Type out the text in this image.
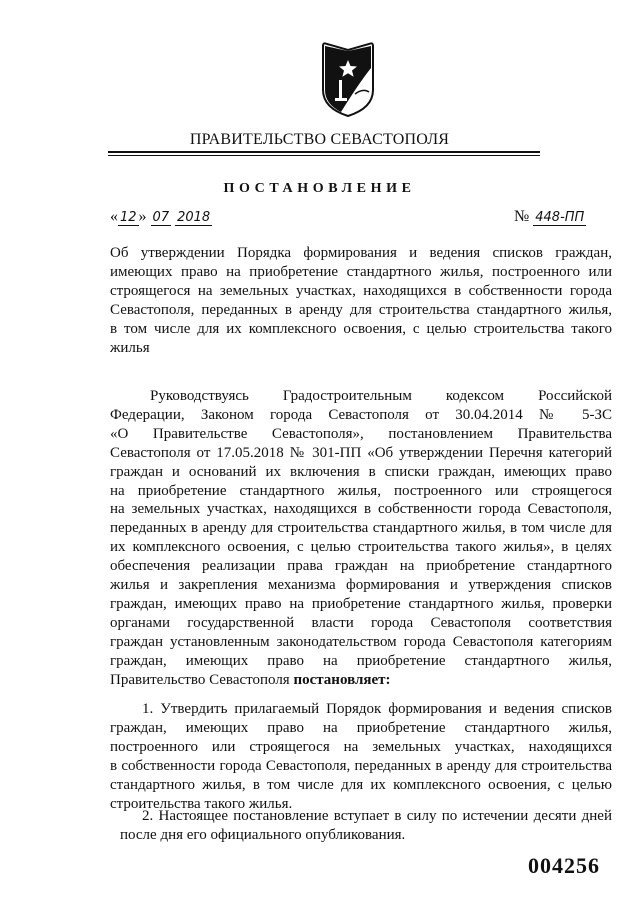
ПРАВИТЕЛЬСТВО СЕВАСТОПОЛЯ
ПОСТАНОВЛЕНИЕ
« 12 » 07 2018	№ 448-ПП
Об утверждении Порядка формирования и ведения списков граждан,
имеющих право на приобретение стандартного жилья, построенного или
строящегося на земельных участках, находящихся в собственности города
Севастополя, переданных в аренду для строительства стандартного жилья,
в том числе для их комплексного освоения, с целью строительства такого
жилья
Руководствуясь Градостроительным кодексом Российской
Федерации, Законом города Севастополя от 30.04.2014 № 5-ЗС
«О Правительстве Севастополя», постановлением Правительства
Севастополя от 17.05.2018 № 301-ПП «Об утверждении Перечня категорий
граждан и оснований их включения в списки граждан, имеющих право
на приобретение стандартного жилья, построенного или строящегося
на земельных участках, находящихся в собственности города Севастополя,
переданных в аренду для строительства стандартного жилья, в том числе для
их комплексного освоения, с целью строительства такого жилья», в целях
обеспечения реализации права граждан на приобретение стандартного
жилья и закрепления механизма формирования и утверждения списков
граждан, имеющих право на приобретение стандартного жилья, проверки
органами государственной власти города Севастополя соответствия
граждан установленным законодательством города Севастополя категориям
граждан, имеющих право на приобретение стандартного жилья,
Правительство Севастополя постановляет:
1. Утвердить прилагаемый Порядок формирования и ведения списков
граждан, имеющих право на приобретение стандартного жилья,
построенного или строящегося на земельных участках, находящихся
в собственности города Севастополя, переданных в аренду для строительства
стандартного жилья, в том числе для их комплексного освоения, с целью
строительства такого жилья.
2. Настоящее постановление вступает в силу по истечении десяти дней
после дня его официального опубликования.
004256
